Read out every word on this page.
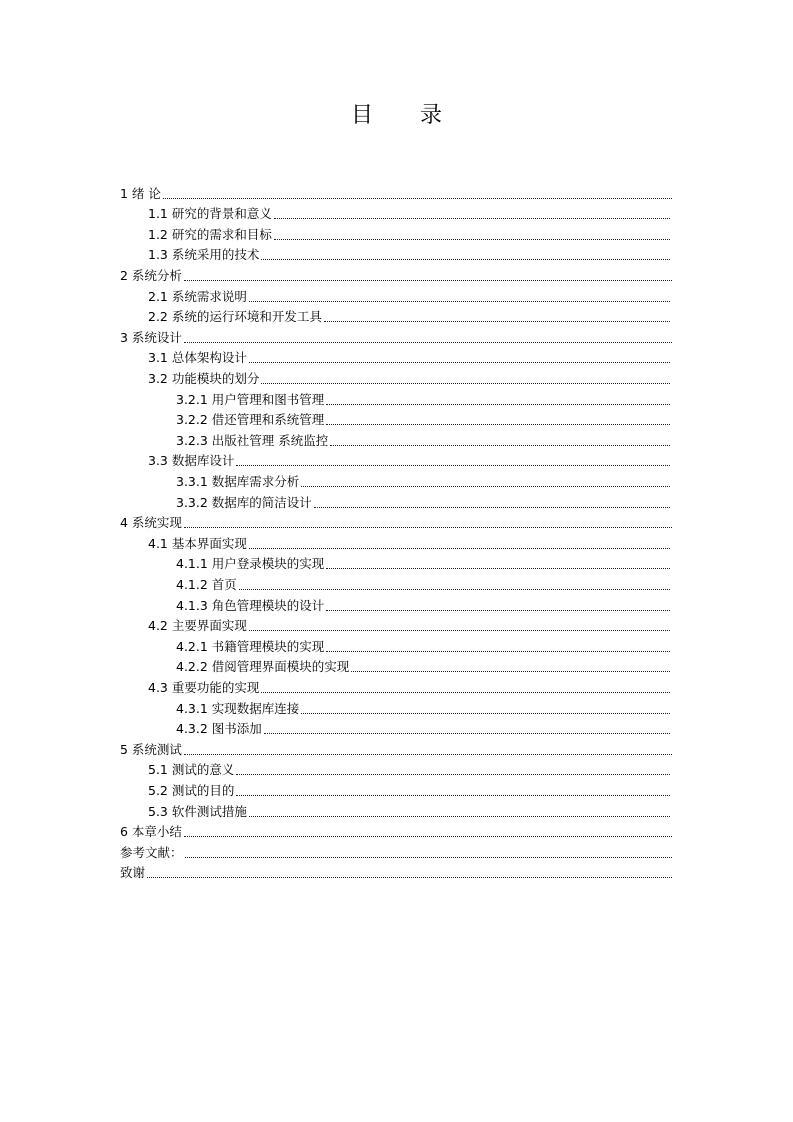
目 录
1 绪 论
1.1 研究的背景和意义
1.2 研究的需求和目标
1.3 系统采用的技术
2 系统分析
2.1 系统需求说明
2.2 系统的运行环境和开发工具
3 系统设计
3.1 总体架构设计
3.2 功能模块的划分
3.2.1 用户管理和图书管理
3.2.2 借还管理和系统管理
3.2.3 出版社管理 系统监控
3.3 数据库设计
3.3.1 数据库需求分析
3.3.2 数据库的简洁设计
4 系统实现
4.1 基本界面实现
4.1.1 用户登录模块的实现
4.1.2 首页
4.1.3 角色管理模块的设计
4.2 主要界面实现
4.2.1 书籍管理模块的实现
4.2.2 借阅管理界面模块的实现
4.3 重要功能的实现
4.3.1 实现数据库连接
4.3.2 图书添加
5 系统测试
5.1 测试的意义
5.2 测试的目的
5.3 软件测试措施
6 本章小结
参考文献：
致谢
